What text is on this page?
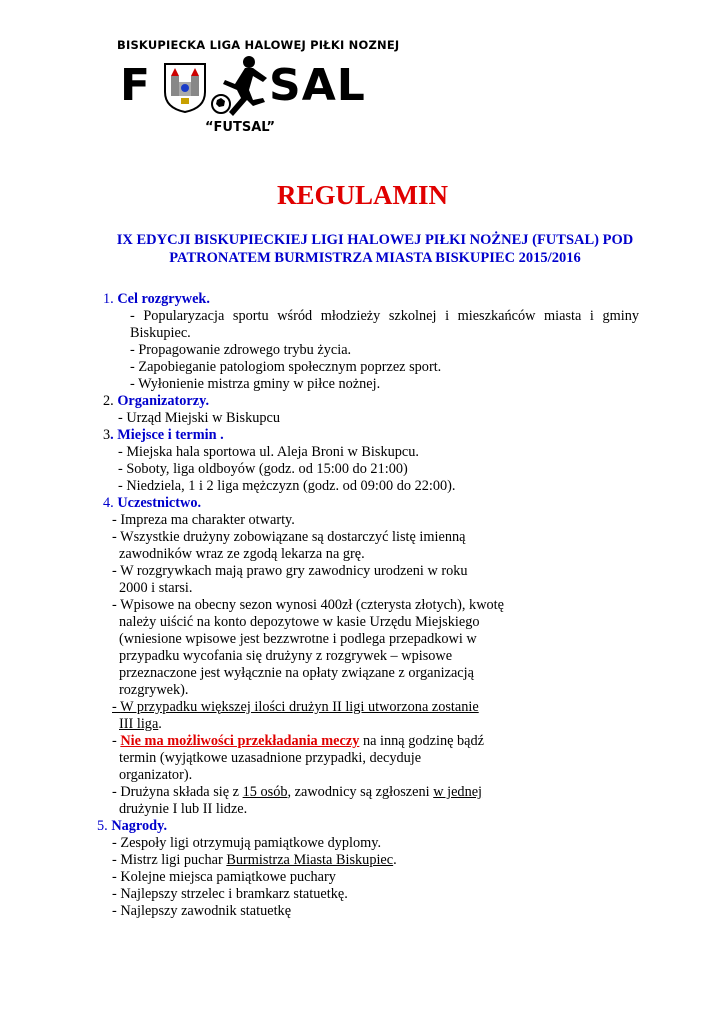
BISKUPIECKA LIGA HALOWEJ PIŁKI NOZNEJ
F	SAL
“FUTSAL”
REGULAMIN
IX EDYCJI BISKUPIECKIEJ LIGI HALOWEJ PIŁKI NOŻNEJ (FUTSAL) POD PATRONATEM BURMISTRZA MIASTA BISKUPIEC 2015/2016
1. Cel rozgrywek.
- Popularyzacja sportu wśród młodzieży szkolnej i mieszkańców miasta i gminy
Biskupiec.
- Propagowanie zdrowego trybu życia.
- Zapobieganie patologiom społecznym poprzez sport.
- Wyłonienie mistrza gminy w piłce nożnej.
2. Organizatorzy.
- Urząd Miejski w Biskupcu
3. Miejsce i termin .
- Miejska hala sportowa ul. Aleja Broni w Biskupcu.
- Soboty, liga oldboyów (godz. od 15:00 do 21:00)
- Niedziela, 1 i 2 liga mężczyzn (godz. od 09:00 do 22:00).
4. Uczestnictwo.
- Impreza ma charakter otwarty.
- Wszystkie drużyny zobowiązane są dostarczyć listę imienną
zawodników wraz ze zgodą lekarza na grę.
- W rozgrywkach mają prawo gry zawodnicy urodzeni w roku
2000 i starsi.
- Wpisowe na obecny sezon wynosi 400zł (czterysta złotych), kwotę
należy uiścić na konto depozytowe w kasie Urzędu Miejskiego
(wniesione wpisowe jest bezzwrotne i podlega przepadkowi w
przypadku wycofania się drużyny z rozgrywek – wpisowe
przeznaczone jest wyłącznie na opłaty związane z organizacją
rozgrywek).
- W przypadku większej ilości drużyn II ligi utworzona zostanie
III liga.
- Nie ma możliwości przekładania meczy na inną godzinę bądź
termin (wyjątkowe uzasadnione przypadki, decyduje
organizator).
- Drużyna składa się z 15 osób, zawodnicy są zgłoszeni w jednej
drużynie I lub II lidze.
5. Nagrody.
- Zespoły ligi otrzymują pamiątkowe dyplomy.
- Mistrz ligi puchar Burmistrza Miasta Biskupiec.
- Kolejne miejsca pamiątkowe puchary
- Najlepszy strzelec i bramkarz statuetkę.
- Najlepszy zawodnik statuetkę
